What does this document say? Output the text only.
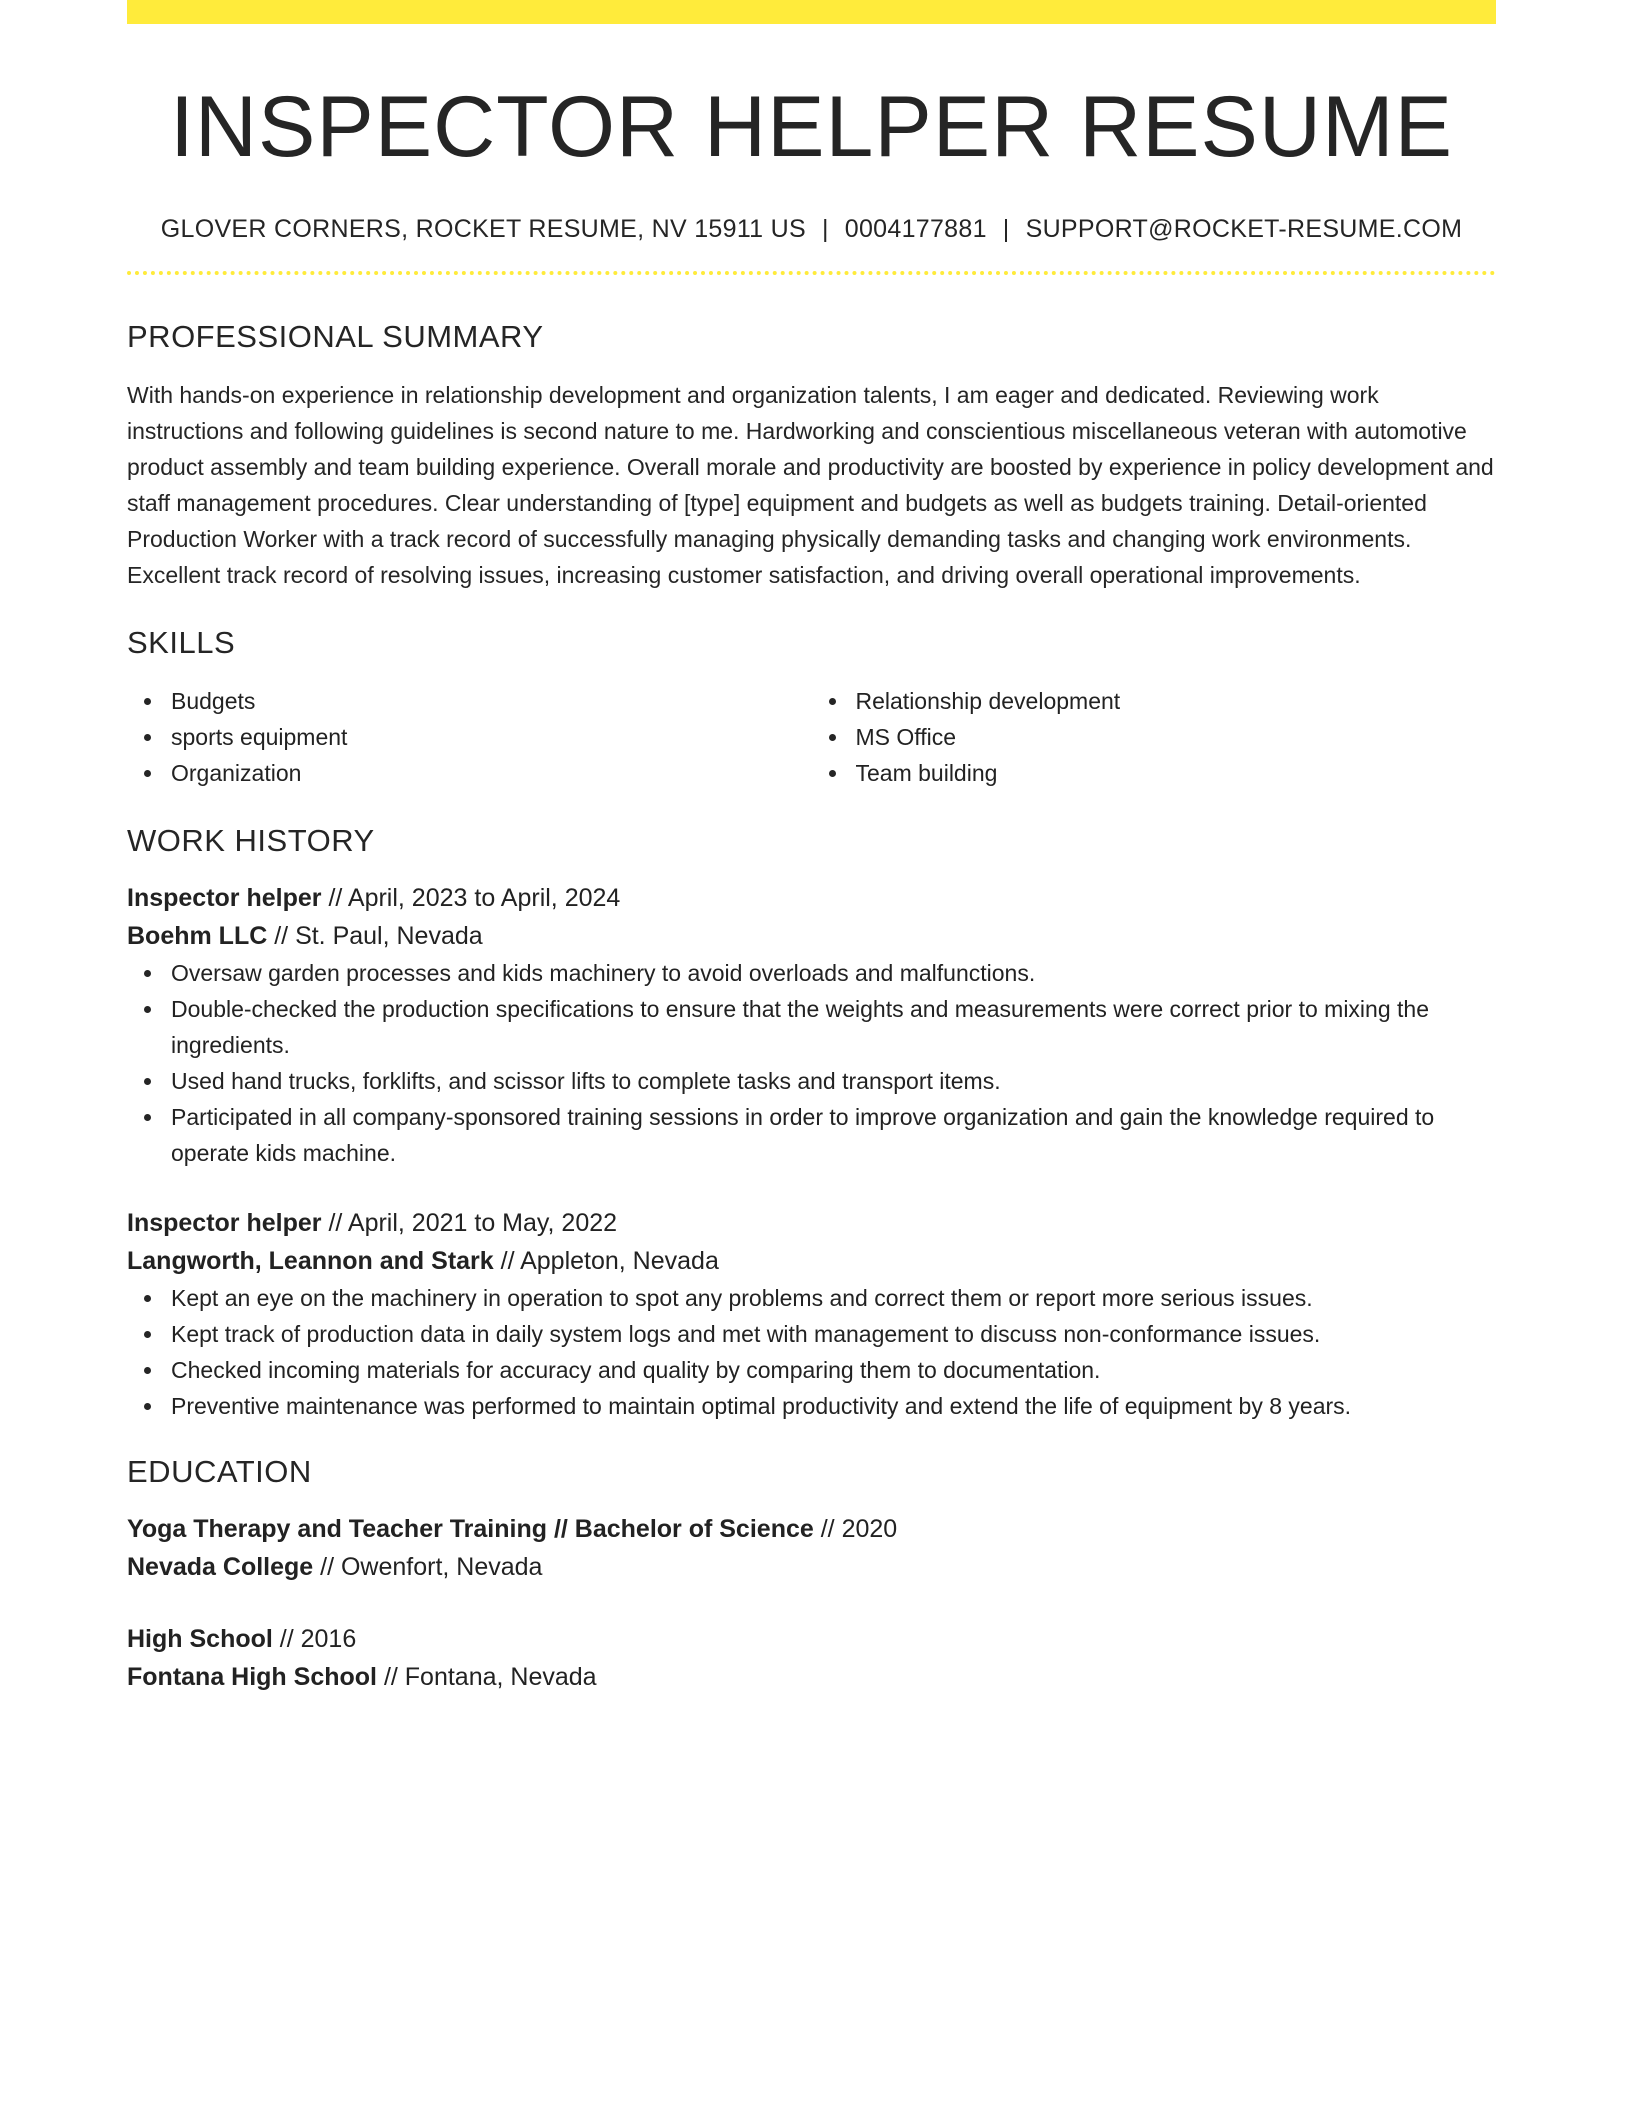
INSPECTOR HELPER RESUME
GLOVER CORNERS, ROCKET RESUME, NV 15911 US | 0004177881 | SUPPORT@ROCKET-RESUME.COM
PROFESSIONAL SUMMARY

With hands-on experience in relationship development and organization talents, I am eager and dedicated. Reviewing work instructions and following guidelines is second nature to me. Hardworking and conscientious miscellaneous veteran with automotive product assembly and team building experience. Overall morale and productivity are boosted by experience in policy development and staff management procedures. Clear understanding of [type] equipment and budgets as well as budgets training. Detail-oriented Production Worker with a track record of successfully managing physically demanding tasks and changing work environments. Excellent track record of resolving issues, increasing customer satisfaction, and driving overall operational improvements.

SKILLS
Budgets
sports equipment
Organization
Relationship development
MS Office
Team building
WORK HISTORY
Inspector helper // April, 2023 to April, 2024
Boehm LLC // St. Paul, Nevada
Oversaw garden processes and kids machinery to avoid overloads and malfunctions.
Double-checked the production specifications to ensure that the weights and measurements were correct prior to mixing the ingredients.
Used hand trucks, forklifts, and scissor lifts to complete tasks and transport items.
Participated in all company-sponsored training sessions in order to improve organization and gain the knowledge required to operate kids machine.
Inspector helper // April, 2021 to May, 2022
Langworth, Leannon and Stark // Appleton, Nevada
Kept an eye on the machinery in operation to spot any problems and correct them or report more serious issues.
Kept track of production data in daily system logs and met with management to discuss non-conformance issues.
Checked incoming materials for accuracy and quality by comparing them to documentation.
Preventive maintenance was performed to maintain optimal productivity and extend the life of equipment by 8 years.
EDUCATION
Yoga Therapy and Teacher Training // Bachelor of Science // 2020
Nevada College // Owenfort, Nevada
High School // 2016
Fontana High School // Fontana, Nevada
